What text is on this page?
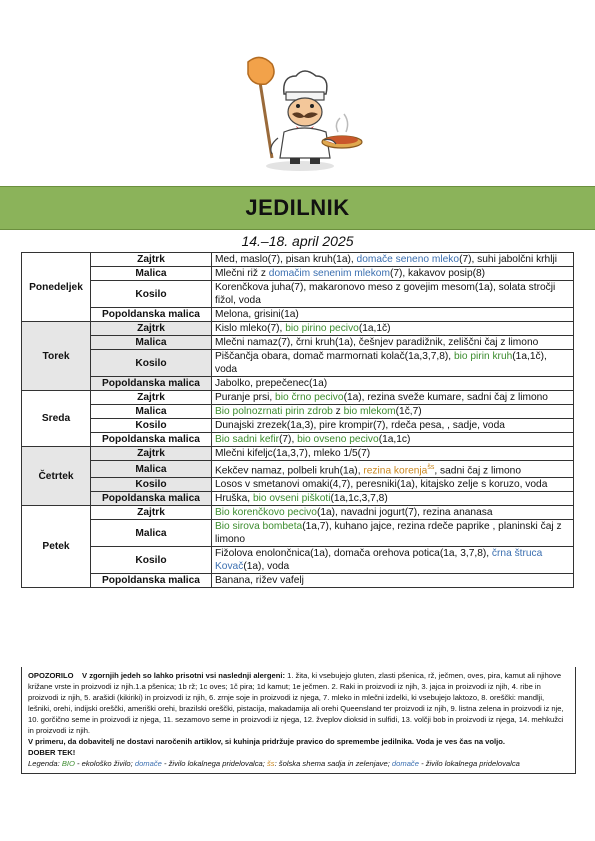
JEDILNIK
14.–18. april 2025
Ponedeljek	Zajtrk	Med, maslo(7), pisan kruh(1a), domače seneno mleko(7), suhi jabolčni krhlji
	Malica	Mlečni riž z domačim senenim mlekom(7), kakavov posip(8)
	Kosilo	Korenčkova juha(7), makaronovo meso z govejim mesom(1a), solata stročji fižol, voda
	Popoldanska malica	Melona, grisini(1a)
Torek	Zajtrk	Kislo mleko(7), bio pirino pecivo(1a,1č)
	Malica	Mlečni namaz(7), črni kruh(1a), češnjev paradižnik, zeliščni čaj z limono
	Kosilo	Piščančja obara, domač marmornati kolač(1a,3,7,8), bio pirin kruh(1a,1č), voda
	Popoldanska malica	Jabolko, prepečenec(1a)
Sreda	Zajtrk	Puranje prsi, bio črno pecivo(1a), rezina sveže kumare, sadni čaj z limono
	Malica	Bio polnozrnati pirin zdrob z bio mlekom(1č,7)
	Kosilo	Dunajski zrezek(1a,3), pire krompir(7), rdeča pesa, , sadje, voda
	Popoldanska malica	Bio sadni kefir(7), bio ovseno pecivo(1a,1c)
Četrtek	Zajtrk	Mlečni kifeljc(1a,3,7), mleko 1/5(7)
	Malica	Kekčev namaz, polbeli kruh(1a), rezina korenja$^{šs}$, sadni čaj z limono
	Kosilo	Losos v smetanovi omaki(4,7), peresniki(1a), kitajsko zelje s koruzo, voda
	Popoldanska malica	Hruška, bio ovseni piškoti(1a,1c,3,7,8)
Petek	Zajtrk	Bio korenčkovo pecivo(1a), navadni jogurt(7), rezina ananasa
	Malica	Bio sirova bombeta(1a,7), kuhano jajce, rezina rdeče paprike , planinski čaj z limono
	Kosilo	Fižolova enolončnica(1a), domača orehova potica(1a, 3,7,8), črna štruca Kovač(1a), voda
	Popoldanska malica	Banana, rižev vafelj
OPOZORILO V zgornjih jedeh so lahko prisotni vsi naslednji alergeni: 1. žita, ki vsebujejo gluten, zlasti pšenica, rž, ječmen, oves, pira, kamut ali njihove križane vrste in proizvodi iz njih.1.a pšenica; 1b rž; 1c oves; 1č pira; 1d kamut; 1e ječmen. 2. Raki in proizvodi iz njih, 3. jajca in proizvodi iz njih, 4. ribe in proizvodi iz njih, 5. arašidi (kikiriki) in proizvodi iz njih, 6. zrnje soje in proizvodi iz njega, 7. mleko in mlečni izdelki, ki vsebujejo laktozo, 8. oreščki: mandlji, lešniki, orehi, indijski oreščki, ameriški orehi, brazilski oreščki, pistacija, makadamija ali orehi Queensland ter proizvodi iz njih, 9. listna zelena in proizvodi iz nje, 10. gorčično seme in proizvodi iz njega, 11. sezamovo seme in proizvodi iz njega, 12. žveplov dioksid in sulfidi, 13. volčji bob in proizvodi iz njega, 14. mehkužci in proizvodi iz njih.
V primeru, da dobavitelj ne dostavi naročenih artiklov, si kuhinja pridržuje pravico do spremembe jedilnika. Voda je ves čas na voljo.
DOBER TEK!
Legenda: BIO - ekološko živilo; domače - živilo lokalnega pridelovalca; šs: šolska shema sadja in zelenjave; domače - živilo lokalnega pridelovalca
